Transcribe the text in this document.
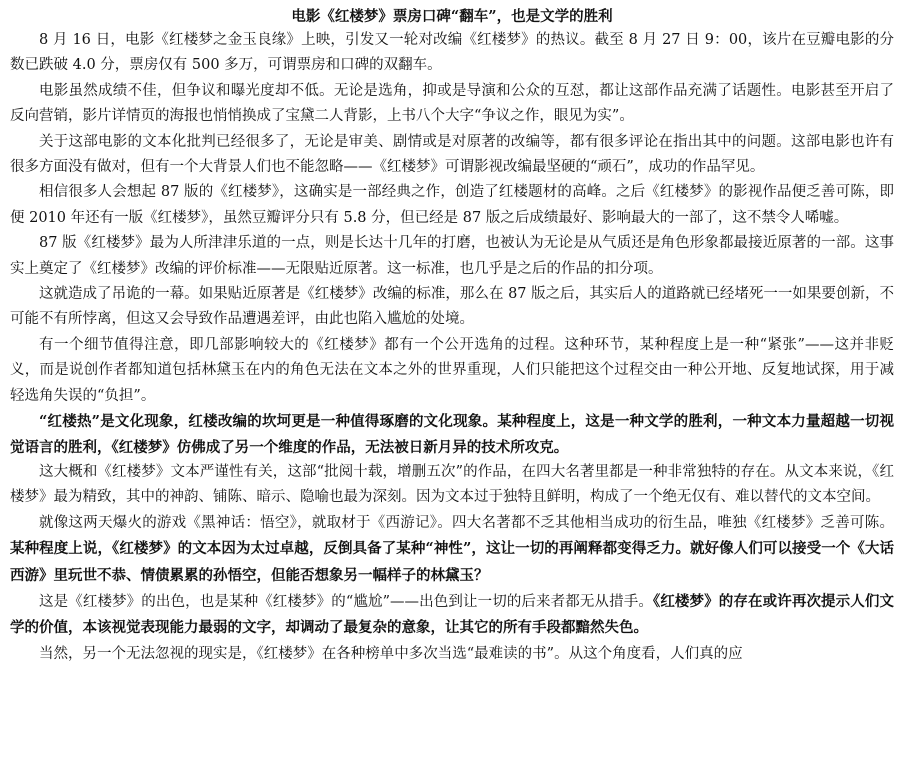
电影《红楼梦》票房口碑“翻车”，也是文学的胜利

8 月 16 日，电影《红楼梦之金玉良缘》上映，引发又一轮对改编《红楼梦》的热议。截至 8 月 27 日 9：00，该片在豆瓣电影的分数已跌破 4.0 分，票房仅有 500 多万，可谓票房和口碑的双翻车。

电影虽然成绩不佳，但争议和曝光度却不低。无论是选角，抑或是导演和公众的互怼，都让这部作品充满了话题性。电影甚至开启了反向营销，影片详情页的海报也悄悄换成了宝黛二人背影，上书八个大字“争议之作，眼见为实”。

关于这部电影的文本化批判已经很多了，无论是审美、剧情或是对原著的改编等，都有很多评论在指出其中的问题。这部电影也许有很多方面没有做对，但有一个大背景人们也不能忽略——《红楼梦》可谓影视改编最坚硬的“顽石”，成功的作品罕见。

相信很多人会想起 87 版的《红楼梦》，这确实是一部经典之作，创造了红楼题材的高峰。之后《红楼梦》的影视作品便乏善可陈，即便 2010 年还有一版《红楼梦》，虽然豆瓣评分只有 5.8 分，但已经是 87 版之后成绩最好、影响最大的一部了，这不禁令人唏嘘。

87 版《红楼梦》最为人所津津乐道的一点，则是长达十几年的打磨，也被认为无论是从气质还是角色形象都最接近原著的一部。这事实上奠定了《红楼梦》改编的评价标准——无限贴近原著。这一标准，也几乎是之后的作品的扣分项。

这就造成了吊诡的一幕。如果贴近原著是《红楼梦》改编的标准，那么在 87 版之后，其实后人的道路就已经堵死一一如果要创新，不可能不有所悖离，但这又会导致作品遭遇差评，由此也陷入尴尬的处境。

有一个细节值得注意，即几部影响较大的《红楼梦》都有一个公开选角的过程。这种环节，某种程度上是一种“紧张”——这并非贬义，而是说创作者都知道包括林黛玉在内的角色无法在文本之外的世界重现，人们只能把这个过程交由一种公开地、反复地试探，用于减轻选角失误的“负担”。

“红楼热”是文化现象，红楼改编的坎坷更是一种值得琢磨的文化现象。某种程度上，这是一种文学的胜利，一种文本力量超越一切视觉语言的胜利，《红楼梦》仿佛成了另一个维度的作品，无法被日新月异的技术所攻克。

这大概和《红楼梦》文本严谨性有关，这部“批阅十载，增删五次”的作品，在四大名著里都是一种非常独特的存在。从文本来说，《红楼梦》最为精致，其中的神韵、铺陈、暗示、隐喻也最为深刻。因为文本过于独特且鲜明，构成了一个绝无仅有、难以替代的文本空间。

就像这两天爆火的游戏《黑神话：悟空》，就取材于《西游记》。四大名著都不乏其他相当成功的衍生品，唯独《红楼梦》乏善可陈。某种程度上说，《红楼梦》的文本因为太过卓越，反倒具备了某种“神性”，这让一切的再阐释都变得乏力。就好像人们可以接受一个《大话西游》里玩世不恭、情债累累的孙悟空，但能否想象另一幅样子的林黛玉？

这是《红楼梦》的出色，也是某种《红楼梦》的“尴尬”——出色到让一切的后来者都无从措手。《红楼梦》的存在或许再次提示人们文学的价值，本该视觉表现能力最弱的文字，却调动了最复杂的意象，让其它的所有手段都黯然失色。

当然，另一个无法忽视的现实是，《红楼梦》在各种榜单中多次当选“最难读的书”。从这个角度看，人们真的应
